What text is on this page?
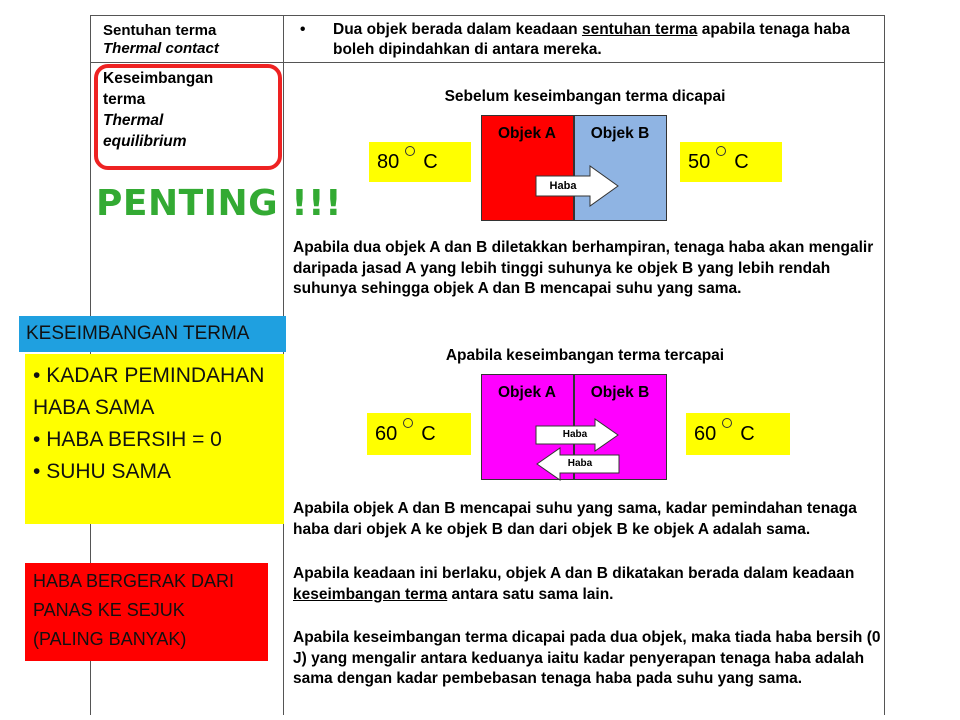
Sentuhan terma
Thermal contact
• Dua objek berada dalam keadaan sentuhan terma apabila tenaga haba boleh dipindahkan di antara mereka.
Keseimbangan terma
Thermal equilibrium
Sebelum keseimbangan terma dicapai
Objek A	Objek B
Haba
80 C	50 C
Apabila dua objek A dan B diletakkan berhampiran, tenaga haba akan mengalir daripada jasad A yang lebih tinggi suhunya ke objek B yang lebih rendah suhunya sehingga objek A dan B mencapai suhu yang sama.
Apabila keseimbangan terma tercapai
Objek A	Objek B
Haba
Haba
60 C	60 C
Apabila objek A dan B mencapai suhu yang sama, kadar pemindahan tenaga haba dari objek A ke objek B dan dari objek B ke objek A adalah sama.
Apabila keadaan ini berlaku, objek A dan B dikatakan berada dalam keadaan keseimbangan terma antara satu sama lain.
Apabila keseimbangan terma dicapai pada dua objek, maka tiada haba bersih (0 J) yang mengalir antara keduanya iaitu kadar penyerapan tenaga haba adalah sama dengan kadar pembebasan tenaga haba pada suhu yang sama.
PENTING !!!
KESEIMBANGAN TERMA
• KADAR PEMINDAHAN HABA SAMA
• HABA BERSIH = 0
• SUHU SAMA
HABA BERGERAK DARI PANAS KE SEJUK (PALING BANYAK)
